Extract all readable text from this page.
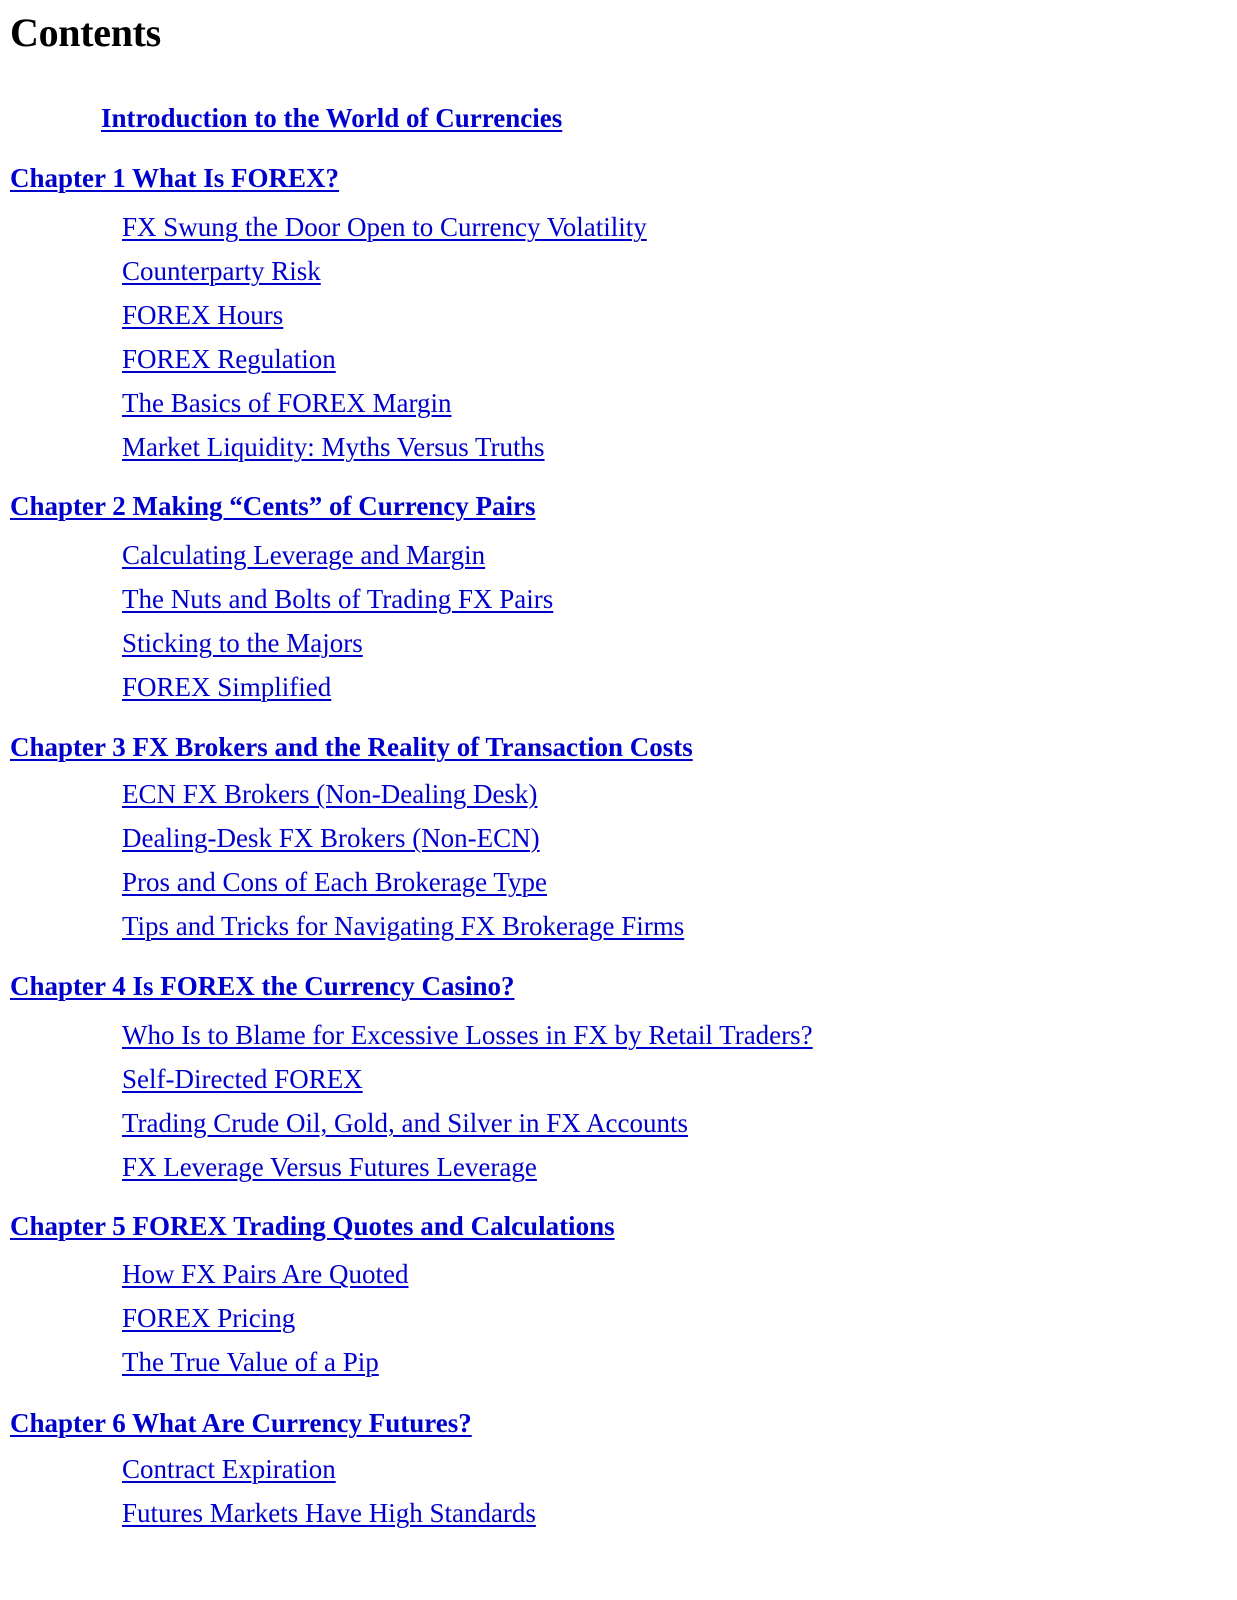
Contents
Introduction to the World of Currencies
Chapter 1 What Is FOREX?
FX Swung the Door Open to Currency Volatility
Counterparty Risk
FOREX Hours
FOREX Regulation
The Basics of FOREX Margin
Market Liquidity: Myths Versus Truths
Chapter 2 Making “Cents” of Currency Pairs
Calculating Leverage and Margin
The Nuts and Bolts of Trading FX Pairs
Sticking to the Majors
FOREX Simplified
Chapter 3 FX Brokers and the Reality of Transaction Costs
ECN FX Brokers (Non-Dealing Desk)
Dealing-Desk FX Brokers (Non-ECN)
Pros and Cons of Each Brokerage Type
Tips and Tricks for Navigating FX Brokerage Firms
Chapter 4 Is FOREX the Currency Casino?
Who Is to Blame for Excessive Losses in FX by Retail Traders?
Self-Directed FOREX
Trading Crude Oil, Gold, and Silver in FX Accounts
FX Leverage Versus Futures Leverage
Chapter 5 FOREX Trading Quotes and Calculations
How FX Pairs Are Quoted
FOREX Pricing
The True Value of a Pip
Chapter 6 What Are Currency Futures?
Contract Expiration
Futures Markets Have High Standards
